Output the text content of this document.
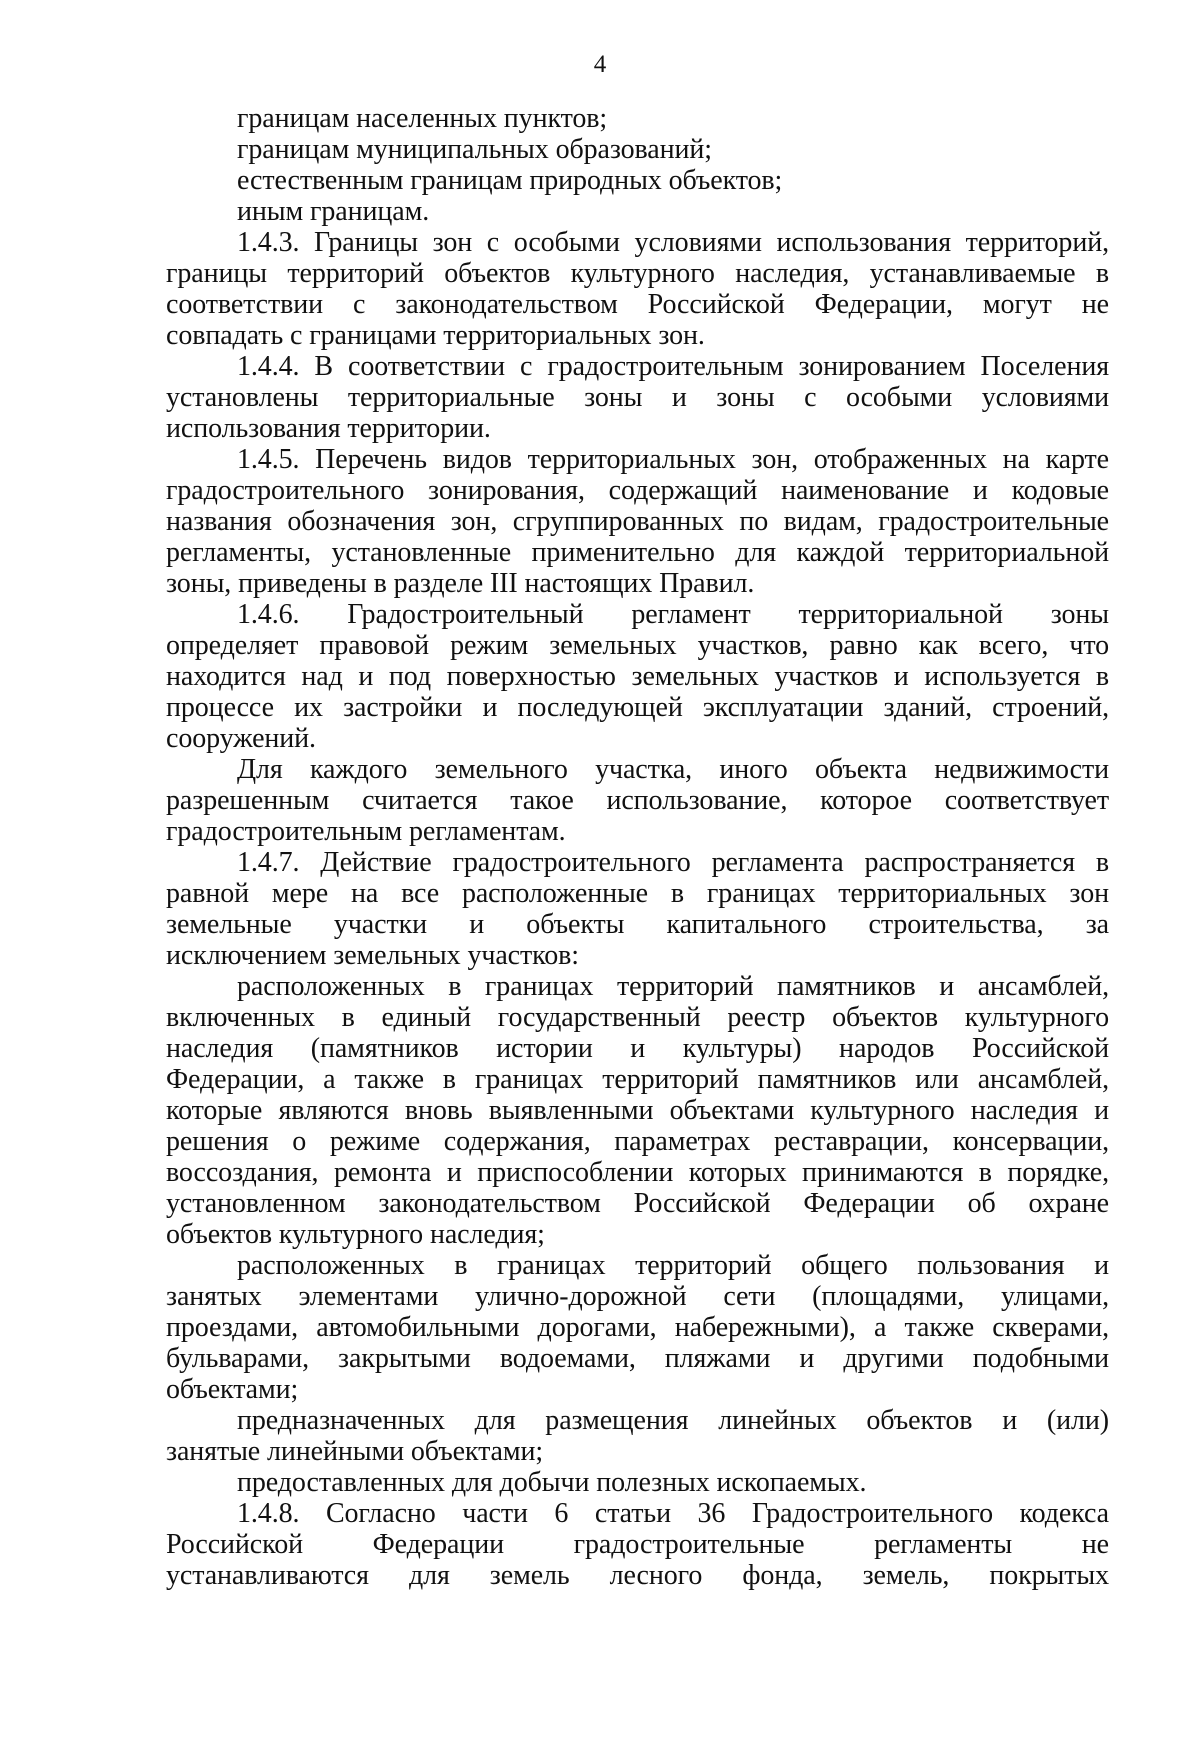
4
границам населенных пунктов;
границам муниципальных образований;
естественным границам природных объектов;
иным границам.
1.4.3. Границы зон с особыми условиями использования территорий,
границы территорий объектов культурного наследия, устанавливаемые в
соответствии с законодательством Российской Федерации, могут не
совпадать с границами территориальных зон.
1.4.4. В соответствии с градостроительным зонированием Поселения
установлены территориальные зоны и зоны с особыми условиями
использования территории.
1.4.5. Перечень видов территориальных зон, отображенных на карте
градостроительного зонирования, содержащий наименование и кодовые
названия обозначения зон, сгруппированных по видам, градостроительные
регламенты, установленные применительно для каждой территориальной
зоны, приведены в разделе III настоящих Правил.
1.4.6. Градостроительный регламент территориальной зоны
определяет правовой режим земельных участков, равно как всего, что
находится над и под поверхностью земельных участков и используется в
процессе их застройки и последующей эксплуатации зданий, строений,
сооружений.
Для каждого земельного участка, иного объекта недвижимости
разрешенным считается такое использование, которое соответствует
градостроительным регламентам.
1.4.7. Действие градостроительного регламента распространяется в
равной мере на все расположенные в границах территориальных зон
земельные участки и объекты капитального строительства, за
исключением земельных участков:
расположенных в границах территорий памятников и ансамблей,
включенных в единый государственный реестр объектов культурного
наследия (памятников истории и культуры) народов Российской
Федерации, а также в границах территорий памятников или ансамблей,
которые являются вновь выявленными объектами культурного наследия и
решения о режиме содержания, параметрах реставрации, консервации,
воссоздания, ремонта и приспособлении которых принимаются в порядке,
установленном законодательством Российской Федерации об охране
объектов культурного наследия;
расположенных в границах территорий общего пользования и
занятых элементами улично-дорожной сети (площадями, улицами,
проездами, автомобильными дорогами, набережными), а также скверами,
бульварами, закрытыми водоемами, пляжами и другими подобными
объектами;
предназначенных для размещения линейных объектов и (или)
занятые линейными объектами;
предоставленных для добычи полезных ископаемых.
1.4.8. Согласно части 6 статьи 36 Градостроительного кодекса
Российской Федерации градостроительные регламенты не
устанавливаются для земель лесного фонда, земель, покрытых
